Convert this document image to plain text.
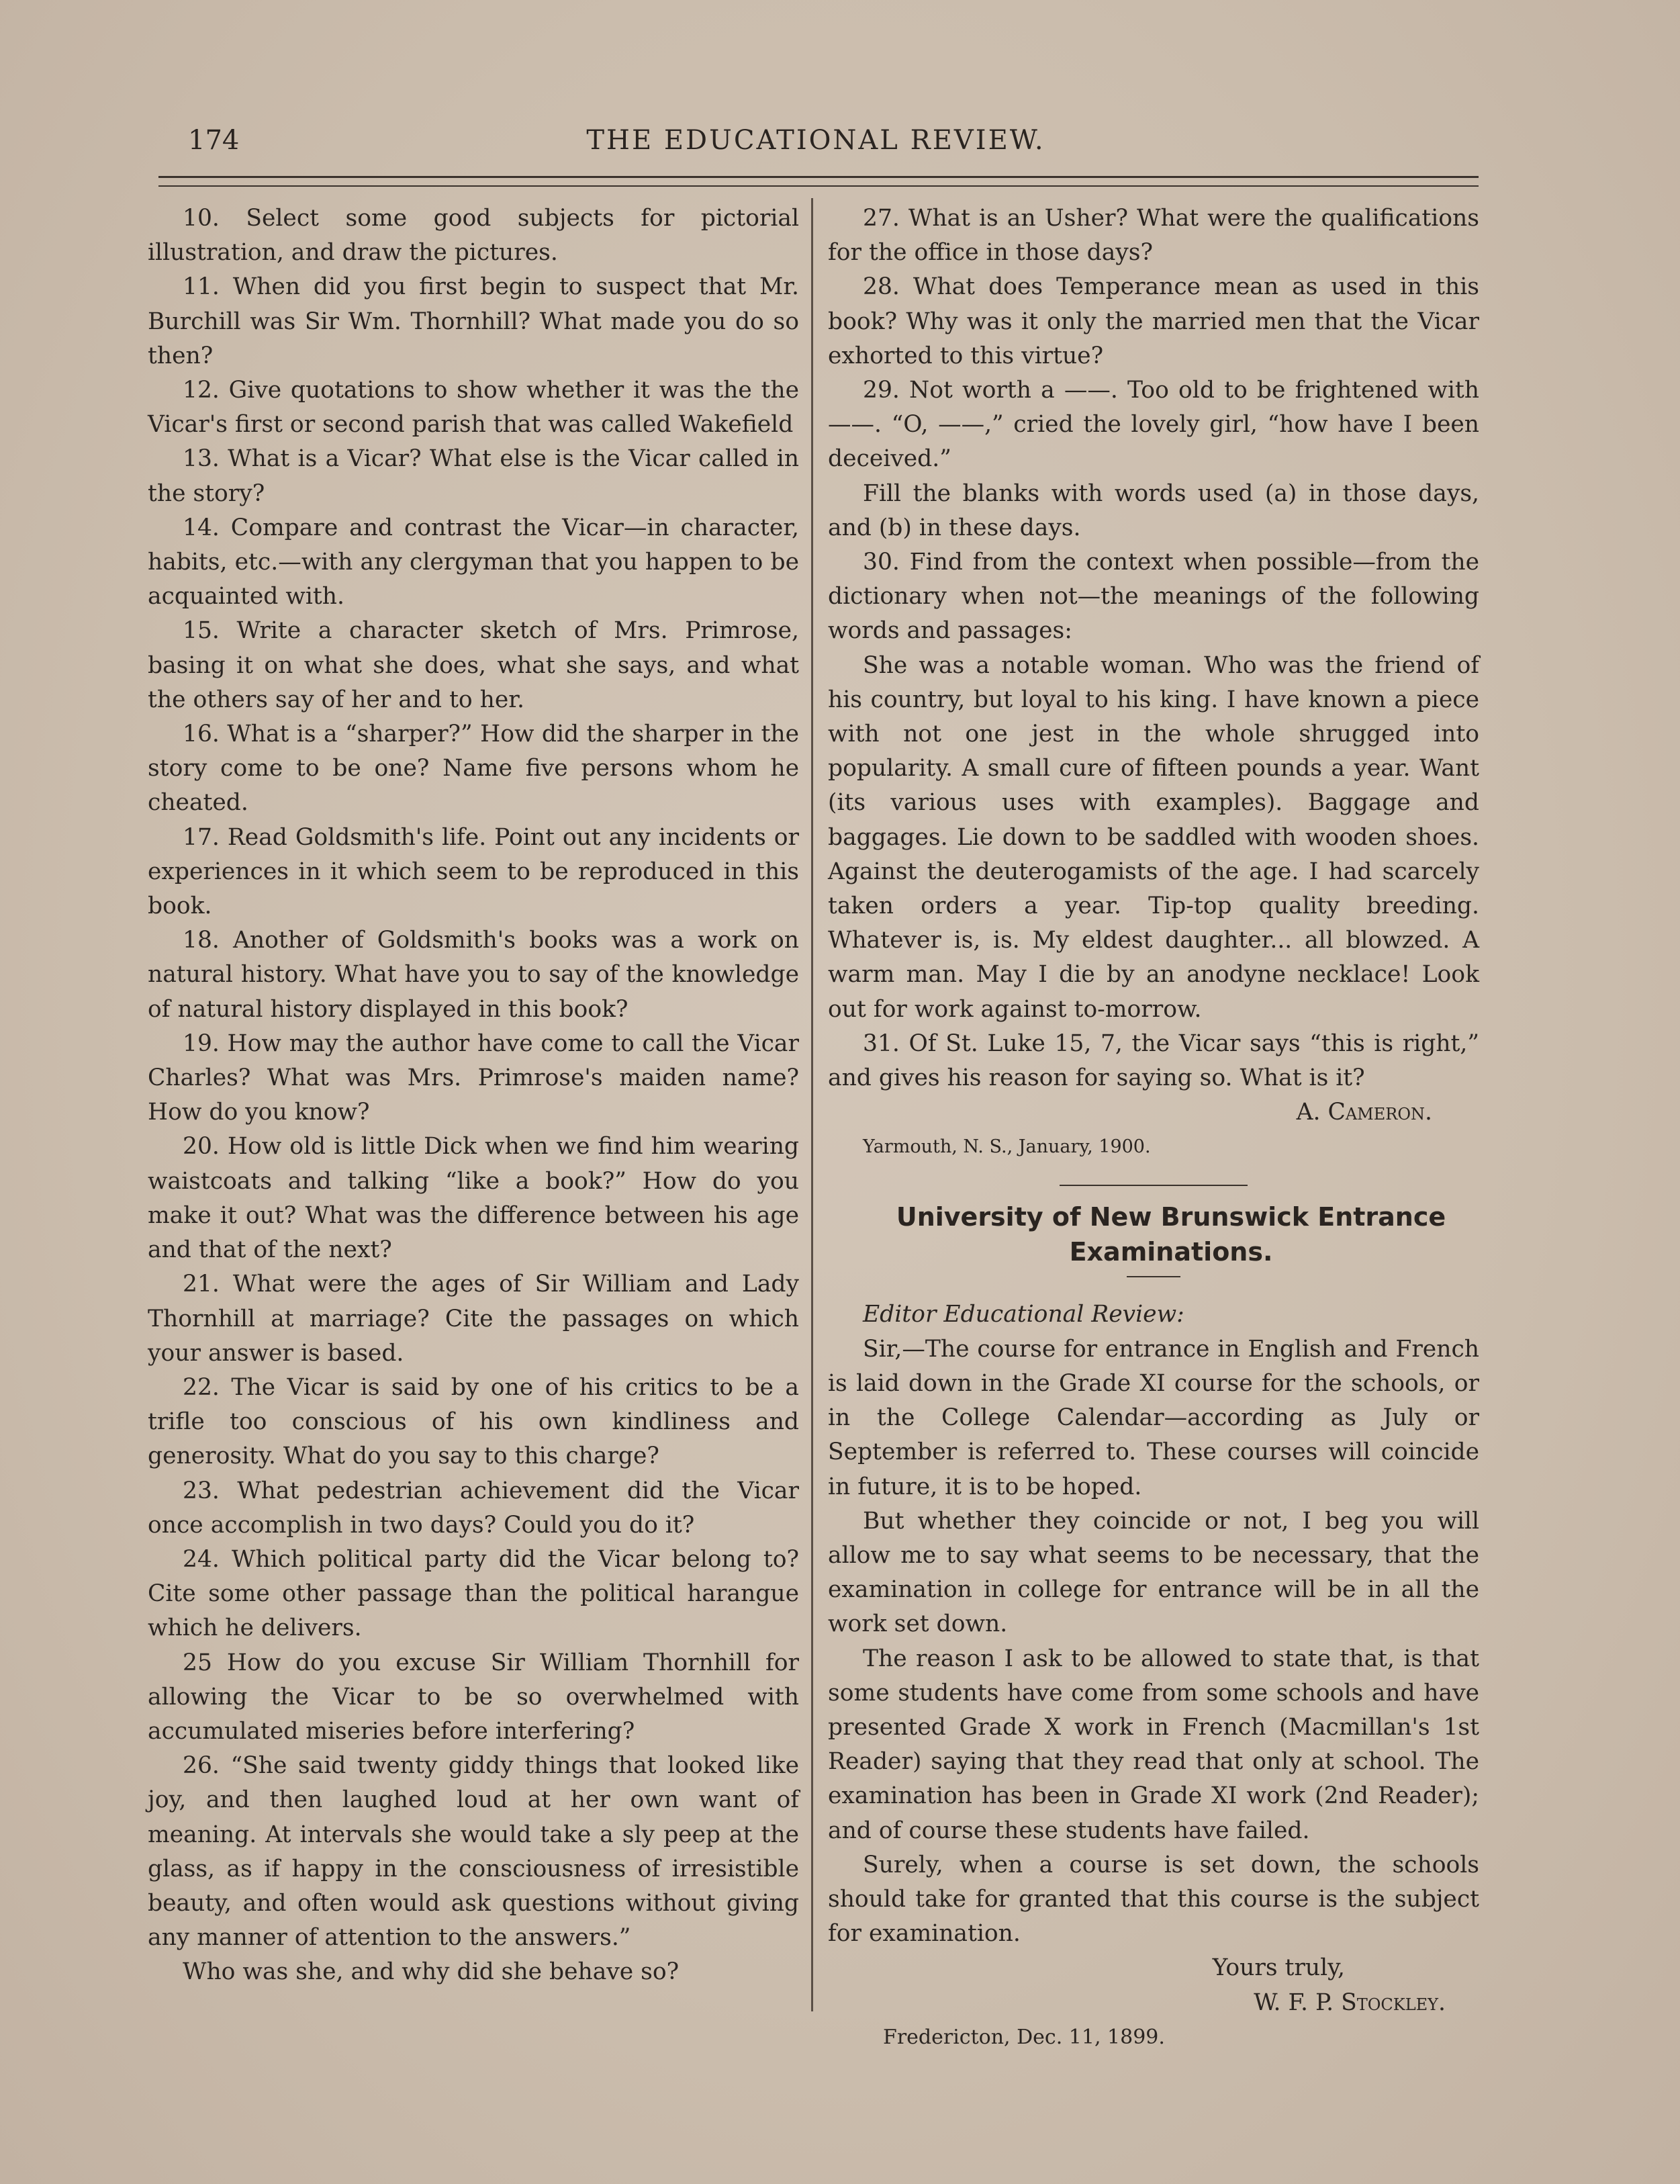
174	THE EDUCATIONAL REVIEW.

10. Select some good subjects for pictorial illustration, and draw the pictures.

11. When did you first begin to suspect that Mr. Burchill was Sir Wm. Thornhill? What made you do so then?

12. Give quotations to show whether it was the the Vicar's first or second parish that was called Wakefield

13. What is a Vicar? What else is the Vicar called in the story?

14. Compare and contrast the Vicar—in character, habits, etc.—with any clergyman that you happen to be acquainted with.

15. Write a character sketch of Mrs. Primrose, basing it on what she does, what she says, and what the others say of her and to her.

16. What is a “sharper?” How did the sharper in the story come to be one? Name five persons whom he cheated.

17. Read Goldsmith's life. Point out any incidents or experiences in it which seem to be reproduced in this book.

18. Another of Goldsmith's books was a work on natural history. What have you to say of the knowledge of natural history displayed in this book?

19. How may the author have come to call the Vicar Charles? What was Mrs. Primrose's maiden name? How do you know?

20. How old is little Dick when we find him wearing waistcoats and talking “like a book?” How do you make it out? What was the difference between his age and that of the next?

21. What were the ages of Sir William and Lady Thornhill at marriage? Cite the passages on which your answer is based.

22. The Vicar is said by one of his critics to be a trifle too conscious of his own kindliness and generosity. What do you say to this charge?

23. What pedestrian achievement did the Vicar once accomplish in two days? Could you do it?

24. Which political party did the Vicar belong to? Cite some other passage than the political harangue which he delivers.

25 How do you excuse Sir William Thornhill for allowing the Vicar to be so overwhelmed with accumulated miseries before interfering?

26. “She said twenty giddy things that looked like joy, and then laughed loud at her own want of meaning. At intervals she would take a sly peep at the glass, as if happy in the consciousness of irresistible beauty, and often would ask questions without giving any manner of attention to the answers.”

Who was she, and why did she behave so?

27. What is an Usher? What were the qualifications for the office in those days?

28. What does Temperance mean as used in this book? Why was it only the married men that the Vicar exhorted to this virtue?

29. Not worth a ——. Too old to be frightened with ——. “O, ——,” cried the lovely girl, “how have I been deceived.”

Fill the blanks with words used (a) in those days, and (b) in these days.

30. Find from the context when possible—from the dictionary when not—the meanings of the following words and passages:

She was a notable woman. Who was the friend of his country, but loyal to his king. I have known a piece with not one jest in the whole shrugged into popularity. A small cure of fifteen pounds a year. Want (its various uses with examples). Baggage and baggages. Lie down to be saddled with wooden shoes. Against the deuterogamists of the age. I had scarcely taken orders a year. Tip-top quality breeding. Whatever is, is. My eldest daughter... all blowzed. A warm man. May I die by an anodyne necklace! Look out for work against to-morrow.

31. Of St. Luke 15, 7, the Vicar says “this is right,” and gives his reason for saying so. What is it?

A. Cameron.

Yarmouth, N. S., January, 1900.

University of New Brunswick Entrance

Examinations.

Editor Educational Review:

Sir,—The course for entrance in English and French is laid down in the Grade XI course for the schools, or in the College Calendar—according as July or September is referred to. These courses will coincide in future, it is to be hoped.

But whether they coincide or not, I beg you will allow me to say what seems to be necessary, that the examination in college for entrance will be in all the work set down.

The reason I ask to be allowed to state that, is that some students have come from some schools and have presented Grade X work in French (Macmillan's 1st Reader) saying that they read that only at school. The examination has been in Grade XI work (2nd Reader); and of course these students have failed.

Surely, when a course is set down, the schools should take for granted that this course is the subject for examination.

Yours truly,

W. F. P. Stockley.

Fredericton, Dec. 11, 1899.
